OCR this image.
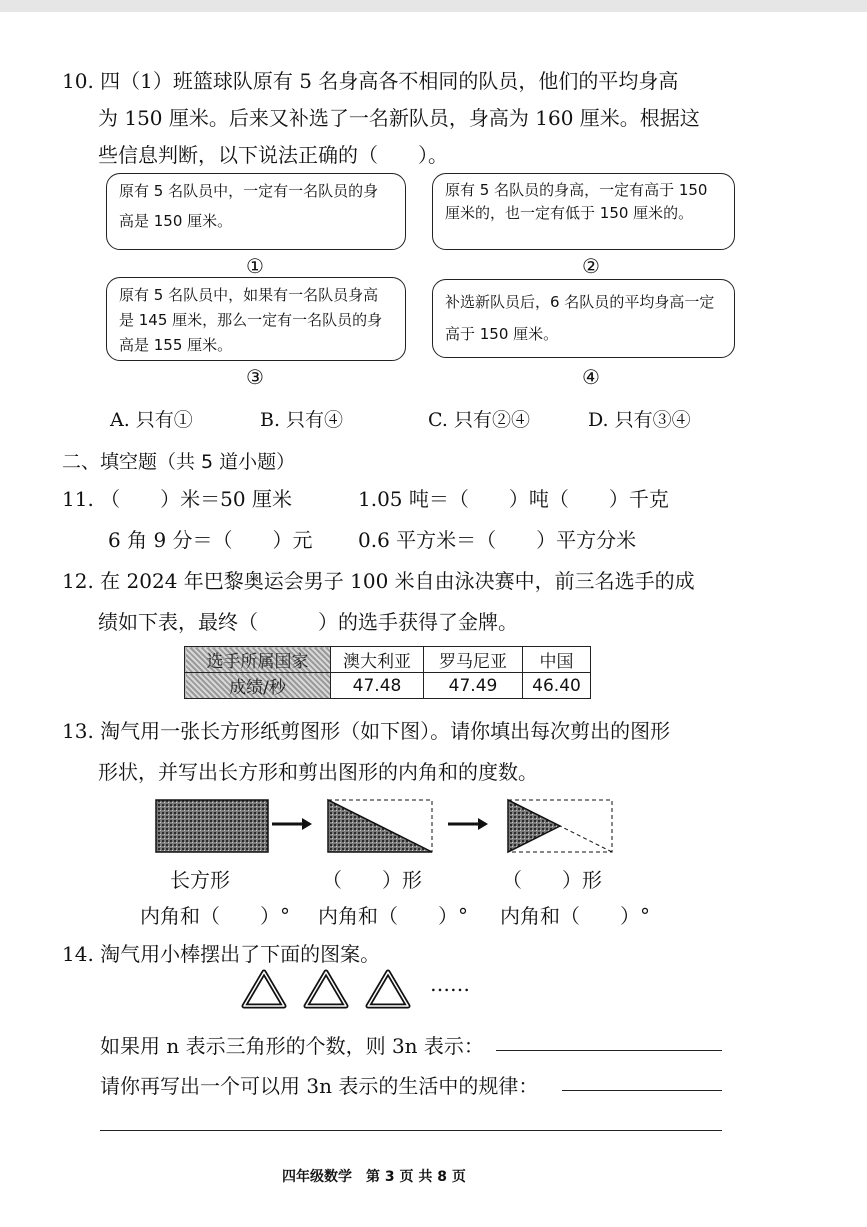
10. 四（1）班篮球队原有 5 名身高各不相同的队员，他们的平均身高
为 150 厘米。后来又补选了一名新队员，身高为 160 厘米。根据这
些信息判断，以下说法正确的（　　）。
原有 5 名队员中，一定有一名队员的身高是 150 厘米。
原有 5 名队员的身高，一定有高于 150 厘米的，也一定有低于 150 厘米的。
①	②
原有 5 名队员中，如果有一名队员身高是 145 厘米，那么一定有一名队员的身高是 155 厘米。
补选新队员后，6 名队员的平均身高一定高于 150 厘米。
③	④
A. 只有①	B. 只有④	C. 只有②④	D. 只有③④
二、填空题（共 5 道小题）
11. （　　）米＝50 厘米	1.05 吨＝（　　）吨（　　）千克
6 角 9 分＝（　　）元 0.6 平方米＝（　　）平方分米
12. 在 2024 年巴黎奥运会男子 100 米自由泳决赛中，前三名选手的成
绩如下表，最终（　　　）的选手获得了金牌。
选手所属国家	澳大利亚	罗马尼亚	中国
成绩/秒	47.48	47.49	46.40
13. 淘气用一张长方形纸剪图形（如下图）。请你填出每次剪出的图形
形状，并写出长方形和剪出图形的内角和的度数。
长方形	（　　）形	（　　）形
内角和（　　）° 内角和（　　）° 内角和（　　）°
14. 淘气用小棒摆出了下面的图案。
……
如果用 n 表示三角形的个数，则 3n 表示：
请你再写出一个可以用 3n 表示的生活中的规律：
四年级数学　第 3 页 共 8 页
